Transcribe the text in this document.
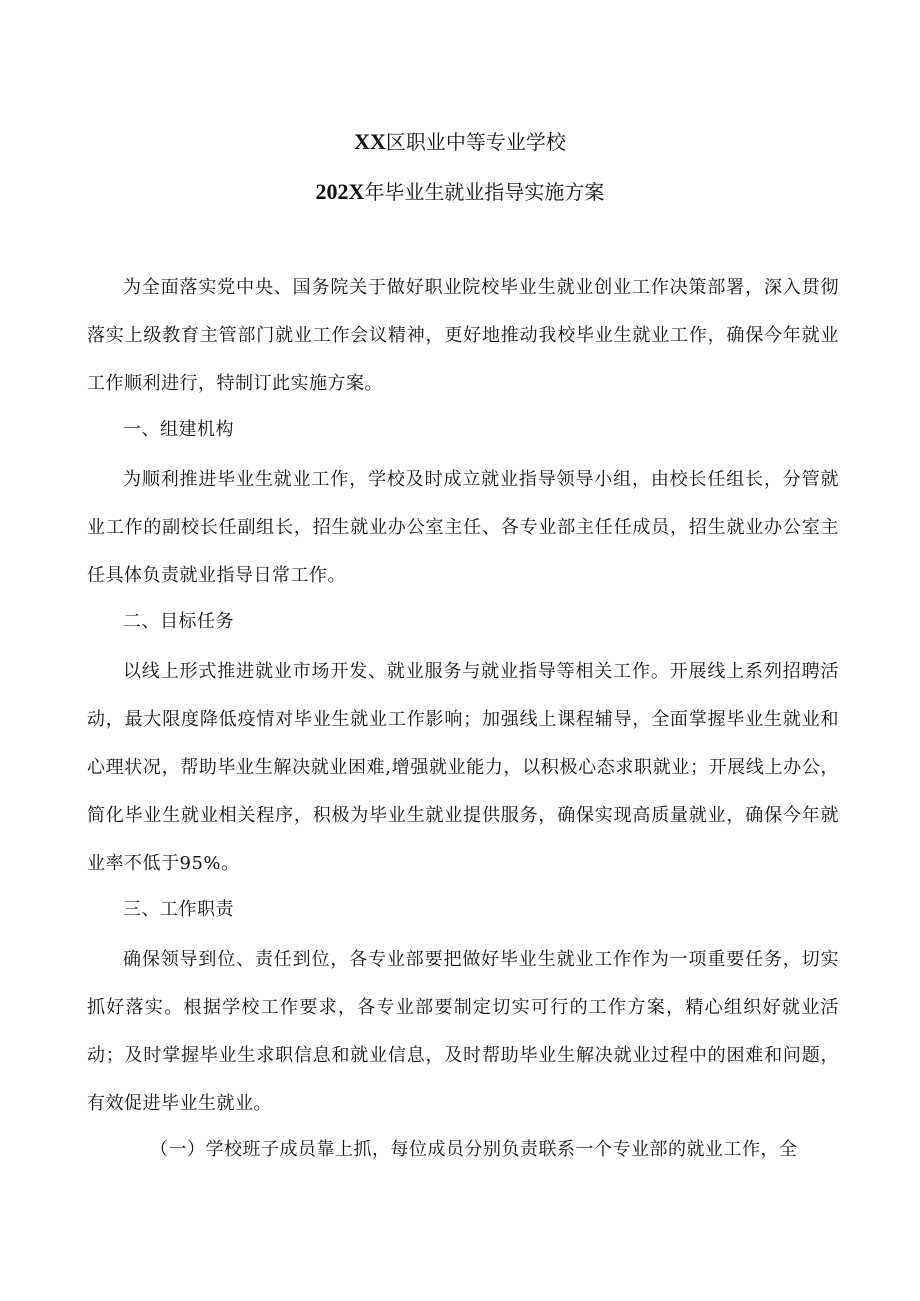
XX区职业中等专业学校
202X年毕业生就业指导实施方案

为全面落实党中央、国务院关于做好职业院校毕业生就业创业工作决策部署，深入贯彻落实上级教育主管部门就业工作会议精神，更好地推动我校毕业生就业工作，确保今年就业工作顺利进行，特制订此实施方案。

一、组建机构

为顺利推进毕业生就业工作，学校及时成立就业指导领导小组，由校长任组长，分管就业工作的副校长任副组长，招生就业办公室主任、各专业部主任任成员，招生就业办公室主任具体负责就业指导日常工作。

二、目标任务

以线上形式推进就业市场开发、就业服务与就业指导等相关工作。开展线上系列招聘活动，最大限度降低疫情对毕业生就业工作影响；加强线上课程辅导，全面掌握毕业生就业和心理状况，帮助毕业生解决就业困难,增强就业能力，以积极心态求职就业；开展线上办公，简化毕业生就业相关程序，积极为毕业生就业提供服务，确保实现高质量就业，确保今年就业率不低于95%。

三、工作职责

确保领导到位、责任到位，各专业部要把做好毕业生就业工作作为一项重要任务，切实抓好落实。根据学校工作要求，各专业部要制定切实可行的工作方案，精心组织好就业活动；及时掌握毕业生求职信息和就业信息，及时帮助毕业生解决就业过程中的困难和问题，有效促进毕业生就业。

（一）学校班子成员靠上抓，每位成员分别负责联系一个专业部的就业工作，全
